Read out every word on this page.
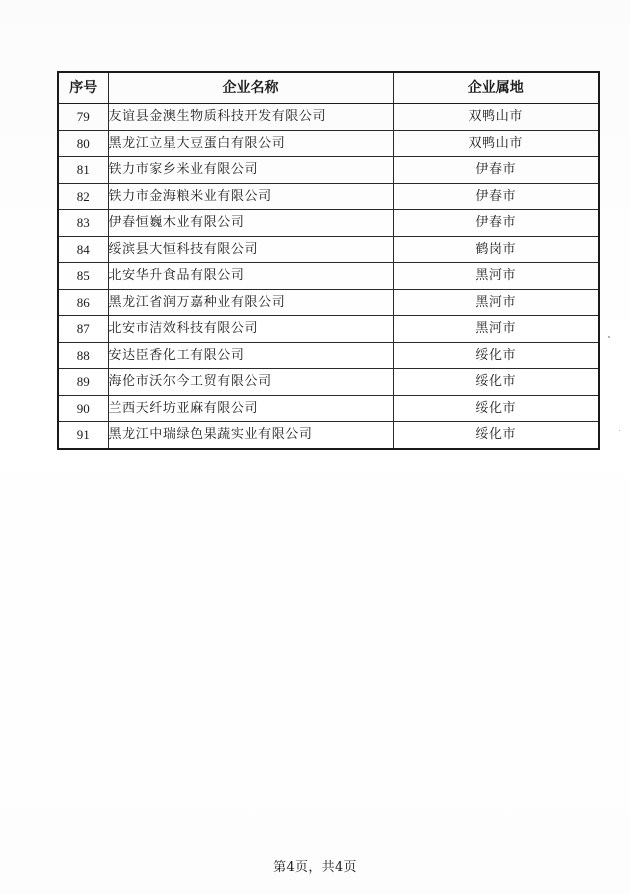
序号	企业名称	企业属地
79	友谊县金澳生物质科技开发有限公司	双鸭山市
80	黑龙江立星大豆蛋白有限公司	双鸭山市
81	铁力市家乡米业有限公司	伊春市
82	铁力市金海粮米业有限公司	伊春市
83	伊春恒巍木业有限公司	伊春市
84	绥滨县大恒科技有限公司	鹤岗市
85	北安华升食品有限公司	黑河市
86	黑龙江省润万嘉种业有限公司	黑河市
87	北安市洁效科技有限公司	黑河市
88	安达臣香化工有限公司	绥化市
89	海伦市沃尔今工贸有限公司	绥化市
90	兰西天纤坊亚麻有限公司	绥化市
91	黑龙江中瑞绿色果蔬实业有限公司	绥化市
第4页，共4页
